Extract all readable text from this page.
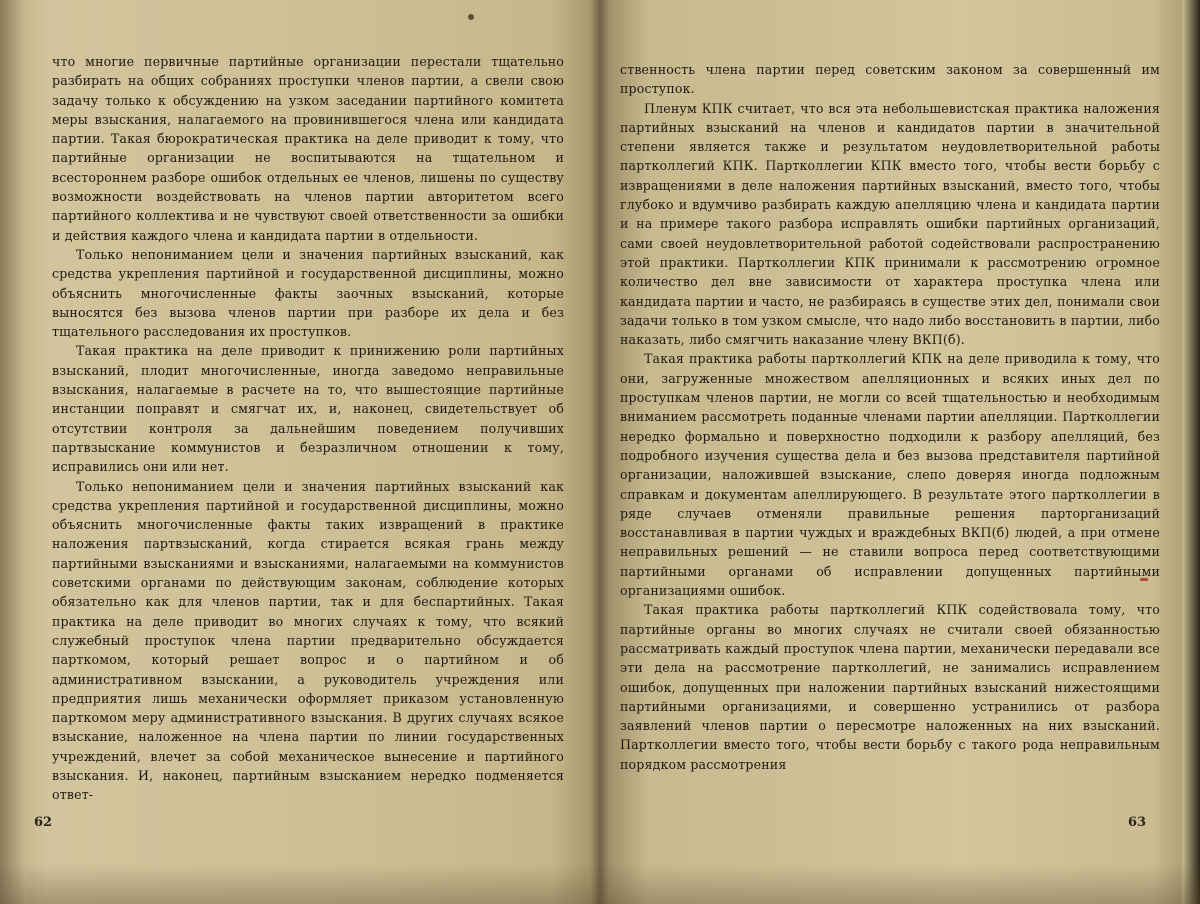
что многие первичные партийные организации перестали тщательно разбирать на общих собраниях проступки членов партии, а свели свою задачу только к обсуждению на узком заседании партийного комитета меры взыскания, налагаемого на провинившегося члена или кандидата партии. Такая бюрократическая практика на деле приводит к тому, что партийные организации не воспитываются на тщательном и всестороннем разборе ошибок отдельных ее членов, лишены по существу возможности воздействовать на членов партии авторитетом всего партийного коллектива и не чувствуют своей ответственности за ошибки и действия каждого члена и кандидата партии в отдельности.

Только непониманием цели и значения партийных взысканий, как средства укрепления партийной и государственной дисциплины, можно объяснить многочисленные факты заочных взысканий, которые выносятся без вызова членов партии при разборе их дела и без тщательного расследования их проступков.

Такая практика на деле приводит к принижению роли партийных взысканий, плодит многочисленные, иногда заведомо неправильные взыскания, налагаемые в расчете на то, что вышестоящие партийные инстанции поправят и смягчат их, и, наконец, свидетельствует об отсутствии контроля за дальнейшим поведением получивших партвзыскание коммунистов и безразличном отношении к тому, исправились они или нет.

Только непониманием цели и значения партийных взысканий как средства укрепления партийной и государственной дисциплины, можно объяснить многочисленные факты таких извращений в практике наложения партвзысканий, когда стирается всякая грань между партийными взысканиями и взысканиями, налагаемыми на коммунистов советскими органами по действующим законам, соблюдение которых обязательно как для членов партии, так и для беспартийных. Такая практика на деле приводит во многих случаях к тому, что всякий служебный проступок члена партии предварительно обсуждается парткомом, который решает вопрос и о партийном и об административном взыскании, а руководитель учреждения или предприятия лишь механически оформляет приказом установленную парткомом меру административного взыскания. В других случаях всякое взыскание, наложенное на члена партии по линии государственных учреждений, влечет за собой механическое вынесение и партийного взыскания. И, наконец, партийным взысканием нередко подменяется ответ-

62

ственность члена партии перед советским законом за совершенный им проступок.

Пленум КПК считает, что вся эта небольшевистская практика наложения партийных взысканий на членов и кандидатов партии в значительной степени является также и результатом неудовлетворительной работы партколлегий КПК. Партколлегии КПК вместо того, чтобы вести борьбу с извращениями в деле наложения партийных взысканий, вместо того, чтобы глубоко и вдумчиво разбирать каждую апелляцию члена и кандидата партии и на примере такого разбора исправлять ошибки партийных организаций, сами своей неудовлетворительной работой содействовали распространению этой практики. Партколлегии КПК принимали к рассмотрению огромное количество дел вне зависимости от характера проступка члена или кандидата партии и часто, не разбираясь в существе этих дел, понимали свои задачи только в том узком смысле, что надо либо восстановить в партии, либо наказать, либо смягчить наказание члену ВКП(б).

Такая практика работы партколлегий КПК на деле приводила к тому, что они, загруженные множеством апелляционных и всяких иных дел по проступкам членов партии, не могли со всей тщательностью и необходимым вниманием рассмотреть поданные членами партии апелляции. Партколлегии нередко формально и поверхностно подходили к разбору апелляций, без подробного изучения существа дела и без вызова представителя партийной организации, наложившей взыскание, слепо доверяя иногда подложным справкам и документам апеллирующего. В результате этого партколлегии в ряде случаев отменяли правильные решения парторганизаций восстанавливая в партии чуждых и враждебных ВКП(б) людей, а при отмене неправильных решений — не ставили вопроса перед соответствующими партийными органами об исправлении допущенных партийными организациями ошибок.

Такая практика работы партколлегий КПК содействовала тому, что партийные органы во многих случаях не считали своей обязанностью рассматривать каждый проступок члена партии, механически передавали все эти дела на рассмотрение партколлегий, не занимались исправлением ошибок, допущенных при наложении партийных взысканий нижестоящими партийными организациями, и совершенно устранились от разбора заявлений членов партии о пересмотре наложенных на них взысканий. Партколлегии вместо того, чтобы вести борьбу с такого рода неправильным порядком рассмотрения

63
